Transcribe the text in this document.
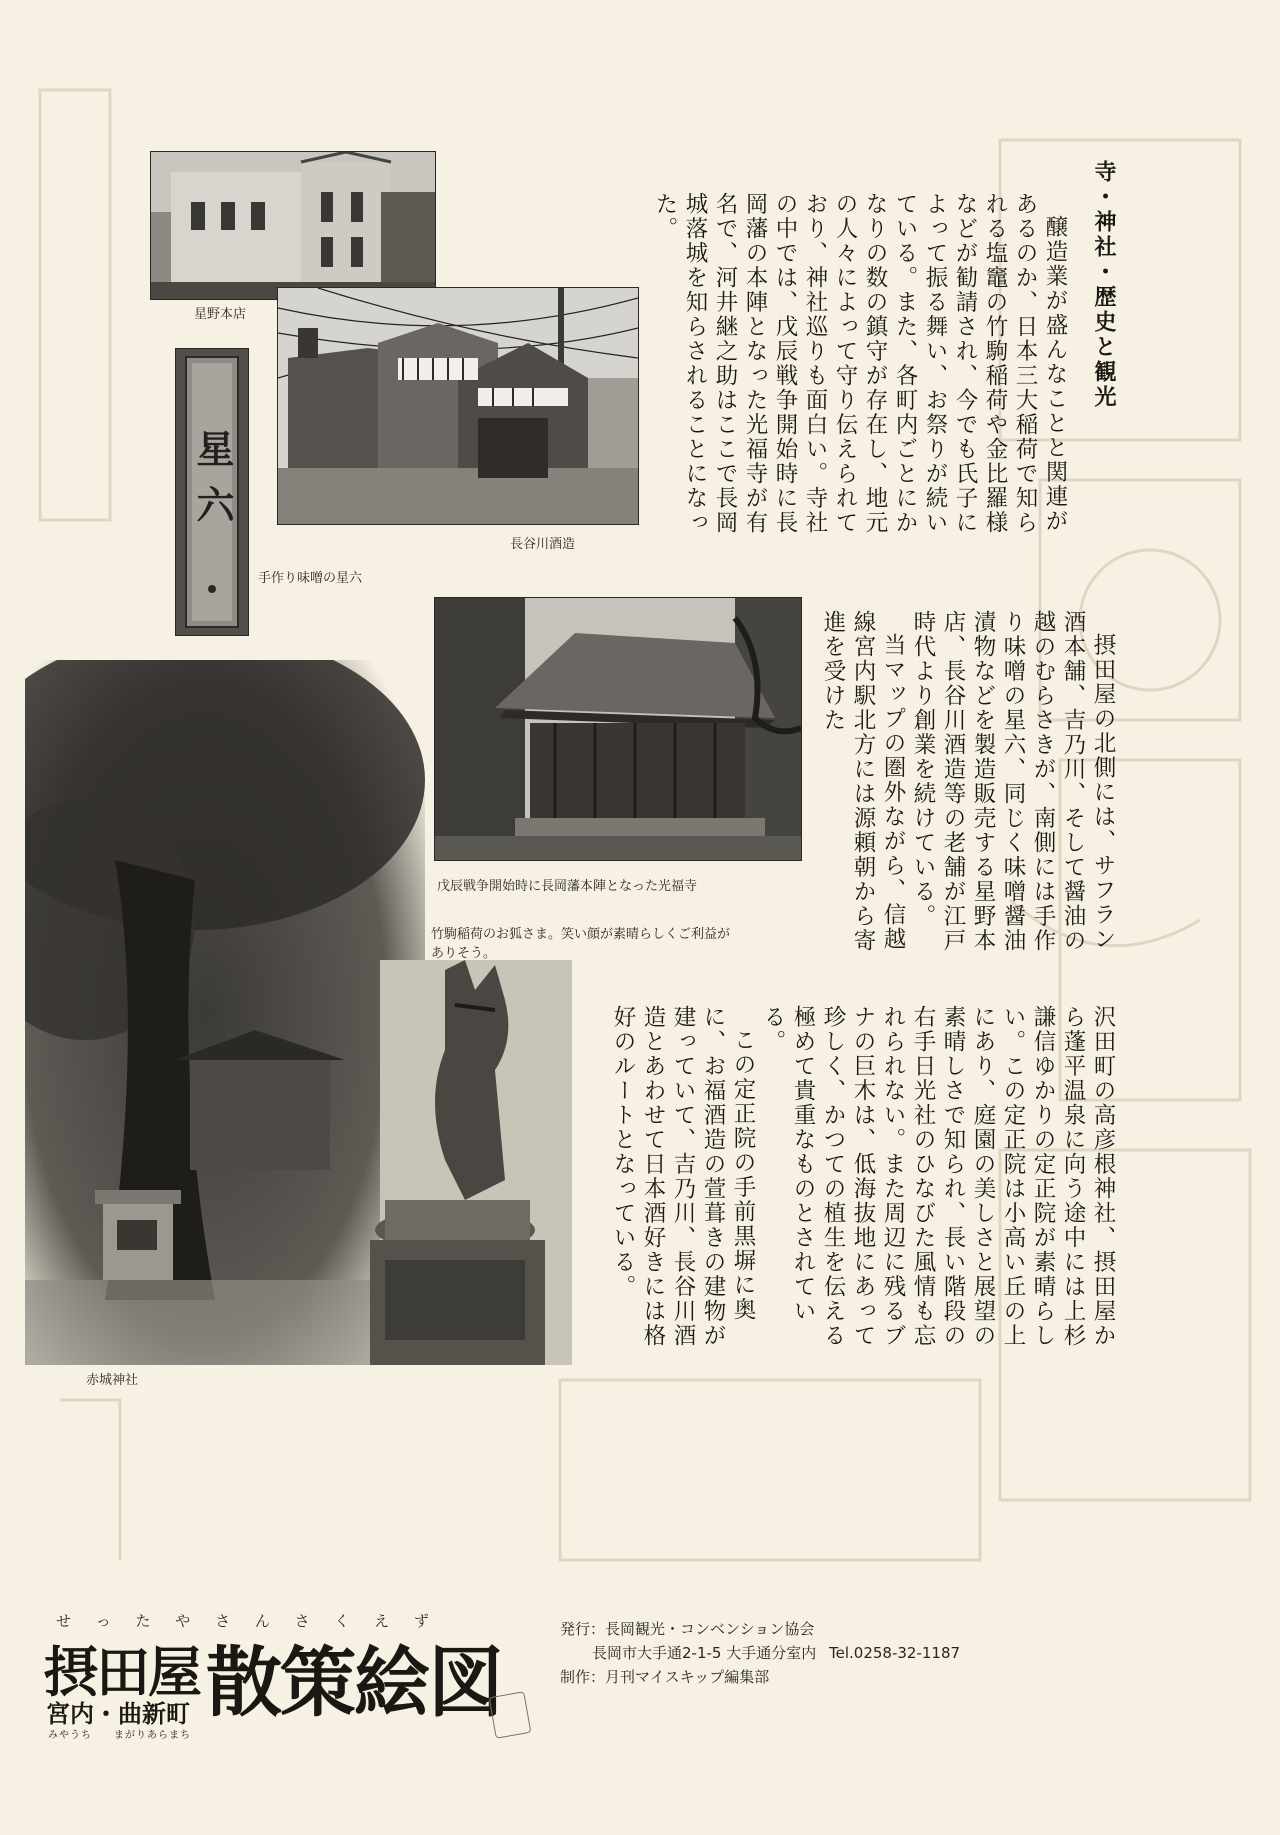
星野本店
長谷川酒造
星六
手作り味噌の星六
戊辰戦争開始時に長岡藩本陣となった光福寺
竹駒稲荷のお狐さま。笑い顔が素晴らしくご利益がありそう。
赤城神社
寺・神社・歴史と観光

醸造業が盛んなことと関連があるのか、日本三大稲荷で知られる塩竈の竹駒稲荷や金比羅様などが勧請され、今でも氏子によって振る舞い、お祭りが続いている。また、各町内ごとにかなりの数の鎮守が存在し、地元の人々によって守り伝えられており、神社巡りも面白い。寺社の中では、戊辰戦争開始時に長岡藩の本陣となった光福寺が有名で、河井継之助はここで長岡城落城を知らされることになった。

摂田屋の北側には、サフラン酒本舗、吉乃川、そして醤油の越のむらさきが、南側には手作り味噌の星六、同じく味噌醤油漬物などを製造販売する星野本店、長谷川酒造等の老舗が江戸時代より創業を続けている。

当マップの圏外ながら、信越線宮内駅北方には源頼朝から寄進を受けた

沢田町の高彦根神社、摂田屋から蓬平温泉に向う途中には上杉謙信ゆかりの定正院が素晴らしい。この定正院は小高い丘の上にあり、庭園の美しさと展望の素晴しさで知られ、長い階段の右手日光社のひなびた風情も忘れられない。また周辺に残るブナの巨木は、低海抜地にあって珍しく、かつての植生を伝える極めて貴重なものとされている。

この定正院の手前黒塀に奥に、お福酒造の萱葺きの建物が建っていて、吉乃川、長谷川酒造とあわせて日本酒好きには格好のルートとなっている。

せ っ た や さ ん さ く え ず
摂田屋 散策絵図
宮内・曲新町
みやうち　　まがりあらまち
発行：長岡観光・コンベンション協会
長岡市大手通2-1-5 大手通分室内 Tel.0258-32-1187
制作：月刊マイスキップ編集部
